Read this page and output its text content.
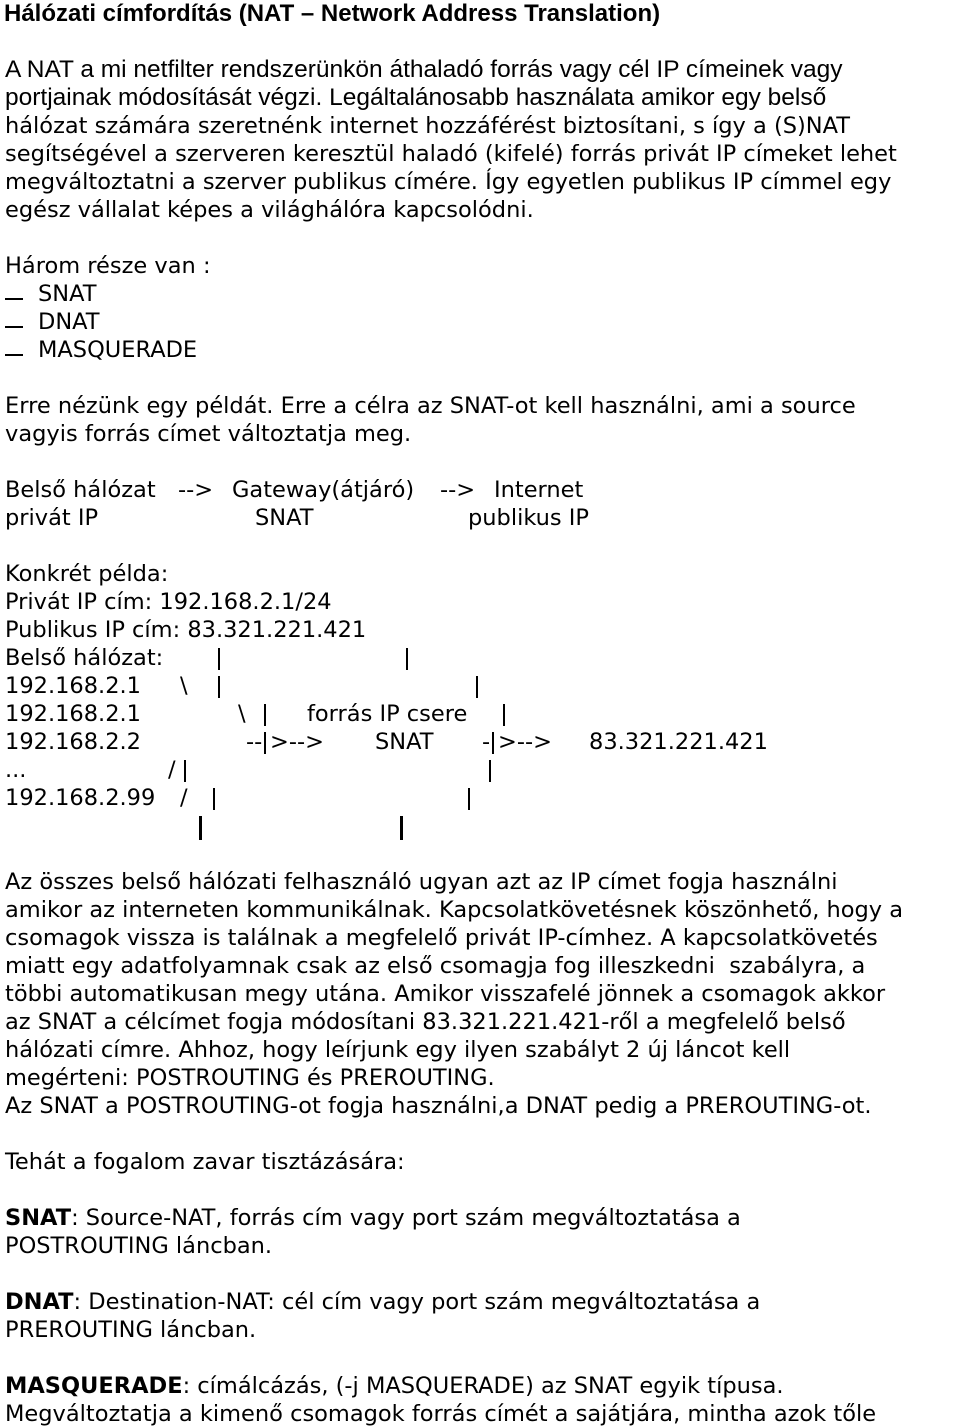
Hálózati címfordítás (NAT – Network Address Translation)
A NAT a mi netfilter rendszerünkön áthaladó forrás vagy cél IP címeinek vagy
portjainak módosítását végzi. Legáltalánosabb használata amikor egy belső
hálózat számára szeretnénk internet hozzáférést biztosítani, s így a (S)NAT
segítségével a szerveren keresztül haladó (kifelé) forrás privát IP címeket lehet
megváltoztatni a szerver publikus címére. Így egyetlen publikus IP címmel egy
egész vállalat képes a világhálóra kapcsolódni.
Három része van :
SNAT
DNAT
MASQUERADE
Erre nézünk egy példát. Erre a célra az SNAT-ot kell használni, ami a source
vagyis forrás címet változtatja meg.
Belső hálózat --> Gateway(átjáró) --> Internet
privát IP	SNAT	publikus IP
Konkrét példa:
Privát IP cím: 192.168.2.1/24
Publikus IP cím: 83.321.221.421
Belső hálózat:
192.168.2.1 \
192.168.2.1	\	forrás IP csere
192.168.2.2	-- >--> SNAT - >--> 83.321.221.421
...	/
192.168.2.99 /
Az összes belső hálózati felhasználó ugyan azt az IP címet fogja használni
amikor az interneten kommunikálnak. Kapcsolatkövetésnek köszönhető, hogy a
csomagok vissza is találnak a megfelelő privát IP-címhez. A kapcsolatkövetés
miatt egy adatfolyamnak csak az első csomagja fog illeszkedni  szabályra, a
többi automatikusan megy utána. Amikor visszafelé jönnek a csomagok akkor
az SNAT a célcímet fogja módosítani 83.321.221.421-ről a megfelelő belső
hálózati címre. Ahhoz, hogy leírjunk egy ilyen szabályt 2 új láncot kell
megérteni: POSTROUTING és PREROUTING.
Az SNAT a POSTROUTING-ot fogja használni,a DNAT pedig a PREROUTING-ot.
Tehát a fogalom zavar tisztázására:
SNAT: Source-NAT, forrás cím vagy port szám megváltoztatása a
POSTROUTING láncban.
DNAT: Destination-NAT: cél cím vagy port szám megváltoztatása a
PREROUTING láncban.
MASQUERADE: címálcázás, (-j MASQUERADE) az SNAT egyik típusa.
Megváltoztatja a kimenő csomagok forrás címét a sajátjára, mintha azok tőle
